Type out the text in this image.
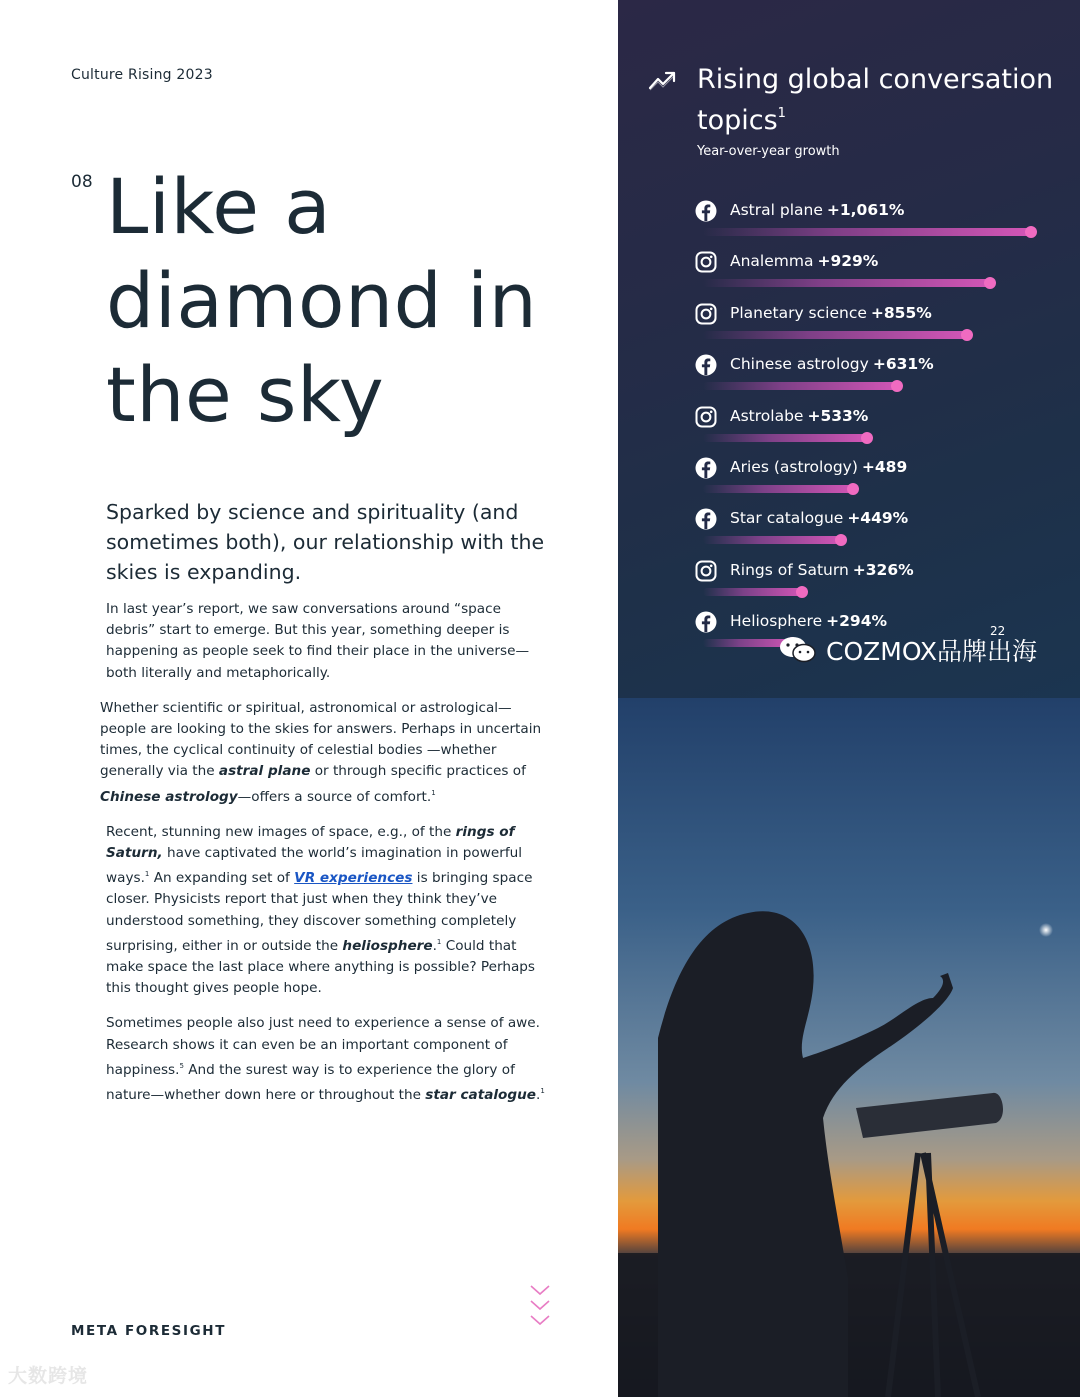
Culture Rising 2023
08 Like a diamond in the sky

Sparked by science and spirituality (and sometimes both), our relationship with the skies is expanding.

In last year’s report, we saw conversations around “space debris” start to emerge. But this year, something deeper is happening as people seek to find their place in the universe—both literally and metaphorically.

Whether scientific or spiritual, astronomical or astrological—people are looking to the skies for answers. Perhaps in uncertain times, the cyclical continuity of celestial bodies —whether generally via the astral plane or through specific practices of Chinese astrology—offers a source of comfort.$^1$

Recent, stunning new images of space, e.g., of the rings of Saturn, have captivated the world’s imagination in powerful ways.$^1$ An expanding set of VR experiences is bringing space closer. Physicists report that just when they think they’ve understood something, they discover something completely surprising, either in or outside the heliosphere.$^1$ Could that make space the last place where anything is possible? Perhaps this thought gives people hope.

Sometimes people also just need to experience a sense of awe. Research shows it can even be an important component of happiness.$^5$ And the surest way is to experience the glory of nature—whether down here or throughout the star catalogue.$^1$

META FORESIGHT
Rising global conversation topics$^1$
Year-over-year growth
Astral plane +1,061%
Analemma +929%
Planetary science +855%
Chinese astrology +631%
Astrolabe +533%
Aries (astrology) +489
Star catalogue +449%
Rings of Saturn +326%
Heliosphere +294%
COZMOX品牌出海
22
大数跨境
